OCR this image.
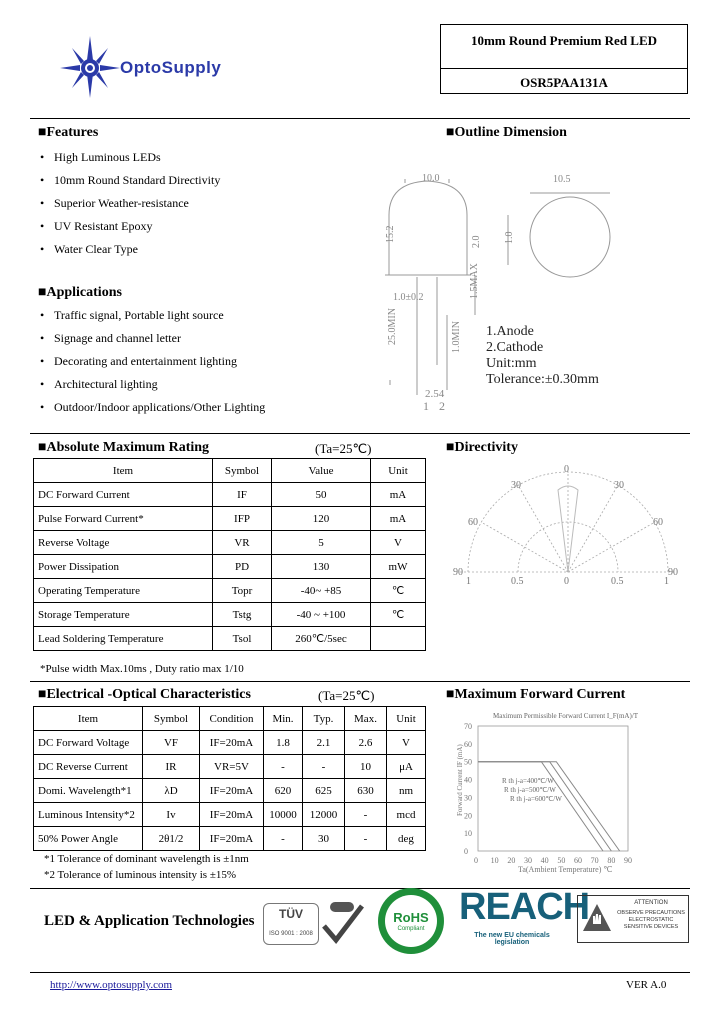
OptoSupply
10mm Round Premium Red LED
OSR5PAA131A
■Features
• High Luminous LEDs
• 10mm Round Standard Directivity
• Superior Weather-resistance
• UV Resistant Epoxy
• Water Clear Type
■Applications
• Traffic signal, Portable light source
• Signage and channel letter
• Decorating and entertainment lighting
• Architectural lighting
• Outdoor/Indoor applications/Other Lighting
■Outline Dimension
10.0	10.5
15.2	2.0 1.0
25.0MIN
1.5MAX
1.0MIN
1.0±0.2
2.54
1 2
1.Anode
2.Cathode
Unit:mm
Tolerance:±0.30mm
■Absolute Maximum Rating	(Ta=25℃)
Item	Symbol	Value	Unit
DC Forward Current	IF	50	mA
Pulse Forward Current*	IFP	120	mA
Reverse Voltage	VR	5	V
Power Dissipation	PD	130	mW
Operating Temperature	Topr	-40~ +85	℃
Storage Temperature	Tstg	-40 ~ +100	℃
Lead Soldering Temperature	Tsol	260℃/5sec	
*Pulse width Max.10ms , Duty ratio max 1/10
■Directivity
0
30	30
60	60
90	90
1	0.5	0	0.5	1
■Electrical -Optical Characteristics	(Ta=25℃)
Item	Symbol	Condition	Min.	Typ.	Max.	Unit
DC Forward Voltage	VF	IF=20mA	1.8	2.1	2.6	V
DC Reverse Current	IR	VR=5V	-	-	10	μA
Domi. Wavelength*1	λD	IF=20mA	620	625	630	nm
Luminous Intensity*2	Iv	IF=20mA	10000	12000	-	mcd
50% Power Angle	2θ1/2	IF=20mA	-	30	-	deg
*1 Tolerance of dominant wavelength is ±1nm
*2 Tolerance of luminous intensity is ±15%
■Maximum Forward Current
Maximum Permissible Forward Current I_F(mA)/T
Forward Current IF (mA)
Ta(Ambient Temperature) ℃
0 10 20 30 40 50 60 70 80 90
0
10
20
30
40
50
60
70
R th j-a=400℃/W
R th j-a=500℃/W
R th j-a=600℃/W
LED & Application Technologies	TÜV
ISO 9001 : 2008
RoHS
Compliant
REACH
The new EU chemicals legislation
ATTENTION
OBSERVE PRECAUTIONS ELECTROSTATIC SENSITIVE DEVICES
http://www.optosupply.com	VER A.0
